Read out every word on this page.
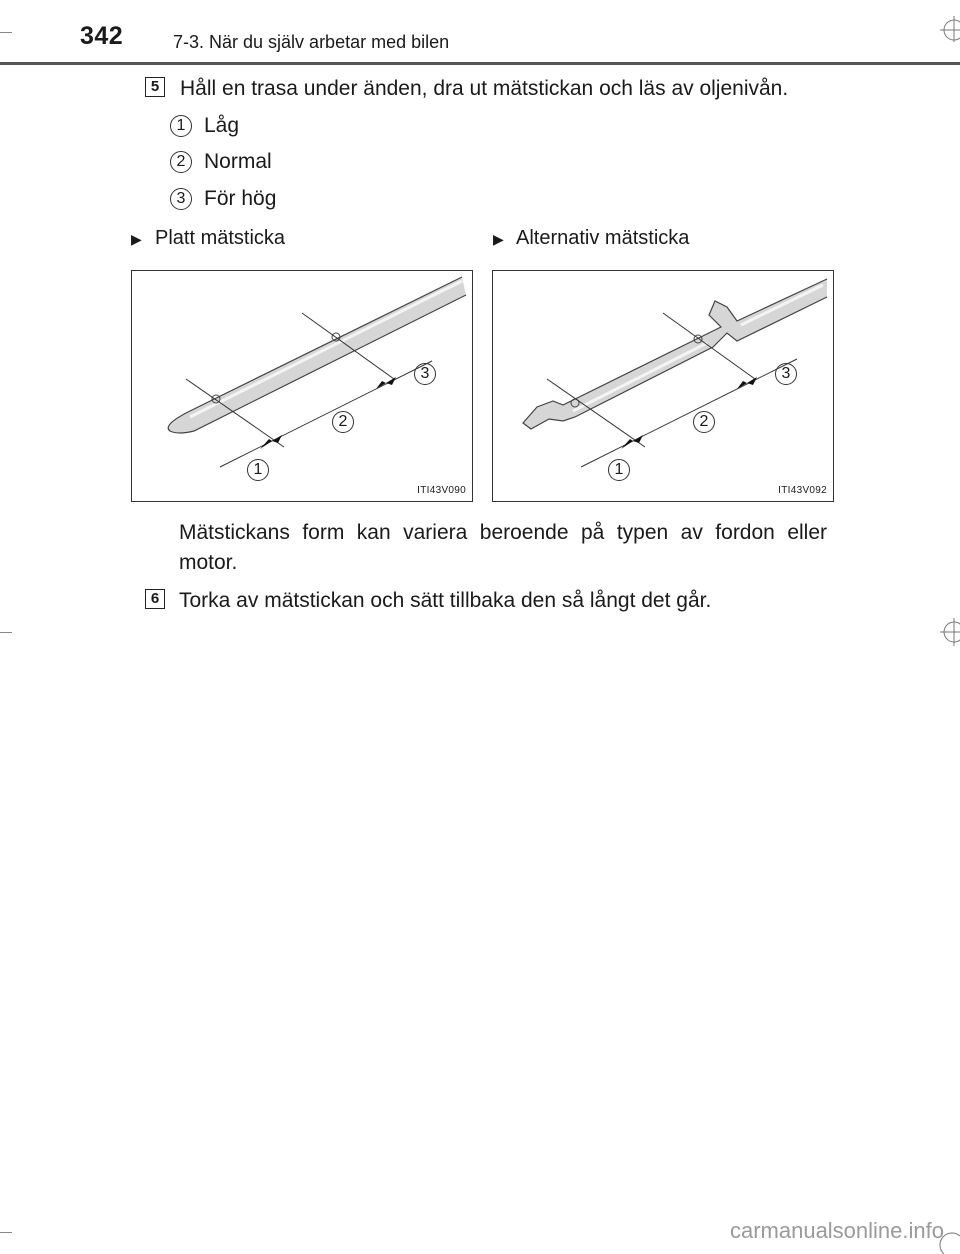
342	7-3. När du själv arbetar med bilen
5 Håll en trasa under änden, dra ut mätstickan och läs av oljenivån.
1 Låg
2 Normal
3 För hög
▶ Platt mätsticka	▶ Alternativ mätsticka
1
2
3
ITI43V090
1
2
3
ITI43V092
Mätstickans form kan variera beroende på typen av fordon eller motor.
6 Torka av mätstickan och sätt tillbaka den så långt det går.
carmanualsonline.info
